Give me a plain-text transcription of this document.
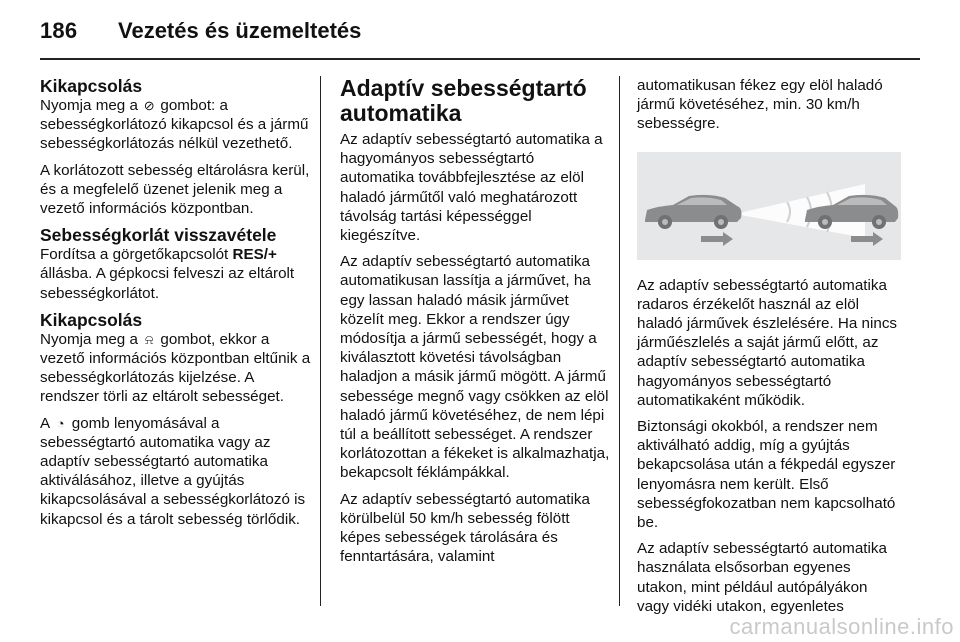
186 Vezetés és üzemeltetés
Kikapcsolás

Nyomja meg a ⊘ gombot: a sebességkorlátozó kikapcsol és a jármű sebességkorlátozás nélkül vezethető.

A korlátozott sebesség eltárolásra kerül, és a megfelelő üzenet jelenik meg a vezető információs központban.

Sebességkorlát visszavétele

Fordítsa a görgetőkapcsolót RES/+ állásba. A gépkocsi felveszi az eltárolt sebességkorlátot.

Kikapcsolás

Nyomja meg a ⍾ gombot, ekkor a vezető információs központban eltűnik a sebességkorlátozás kijelzése. A rendszer törli az eltárolt sebességet.

A ◔ gomb lenyomásával a sebességtartó automatika vagy az adaptív sebességtartó automatika aktiválásához, illetve a gyújtás kikapcsolásával a sebességkorlátozó is kikapcsol és a tárolt sebesség törlődik.

Adaptív sebességtartó automatika

Az adaptív sebességtartó automatika a hagyományos sebességtartó automatika továbbfejlesztése az elöl haladó járműtől való meghatározott távolság tartási képességgel kiegészítve.

Az adaptív sebességtartó automatika automatikusan lassítja a járművet, ha egy lassan haladó másik járművet közelít meg. Ekkor a rendszer úgy módosítja a jármű sebességét, hogy a kiválasztott követési távolságban haladjon a másik jármű mögött. A jármű sebessége megnő vagy csökken az elöl haladó jármű követéséhez, de nem lépi túl a beállított sebességet. A rendszer korlátozottan a fékeket is alkalmazhatja, bekapcsolt féklámpákkal.

Az adaptív sebességtartó automatika körülbelül 50 km/h sebesség fölött képes sebességek tárolására és fenntartására, valamint

automatikusan fékez egy elöl haladó jármű követéséhez, min. 30 km/h sebességre.

Az adaptív sebességtartó automatika radaros érzékelőt használ az elöl haladó járművek észlelésére. Ha nincs járműészlelés a saját jármű előtt, az adaptív sebességtartó automatika hagyományos sebességtartó automatikaként működik.

Biztonsági okokból, a rendszer nem aktiválható addig, míg a gyújtás bekapcsolása után a fékpedál egyszer lenyomásra nem került. Első sebességfokozatban nem kapcsolható be.

Az adaptív sebességtartó automatika használata elsősorban egyenes utakon, mint például autópályákon vagy vidéki utakon, egyenletes

carmanualsonline.info
